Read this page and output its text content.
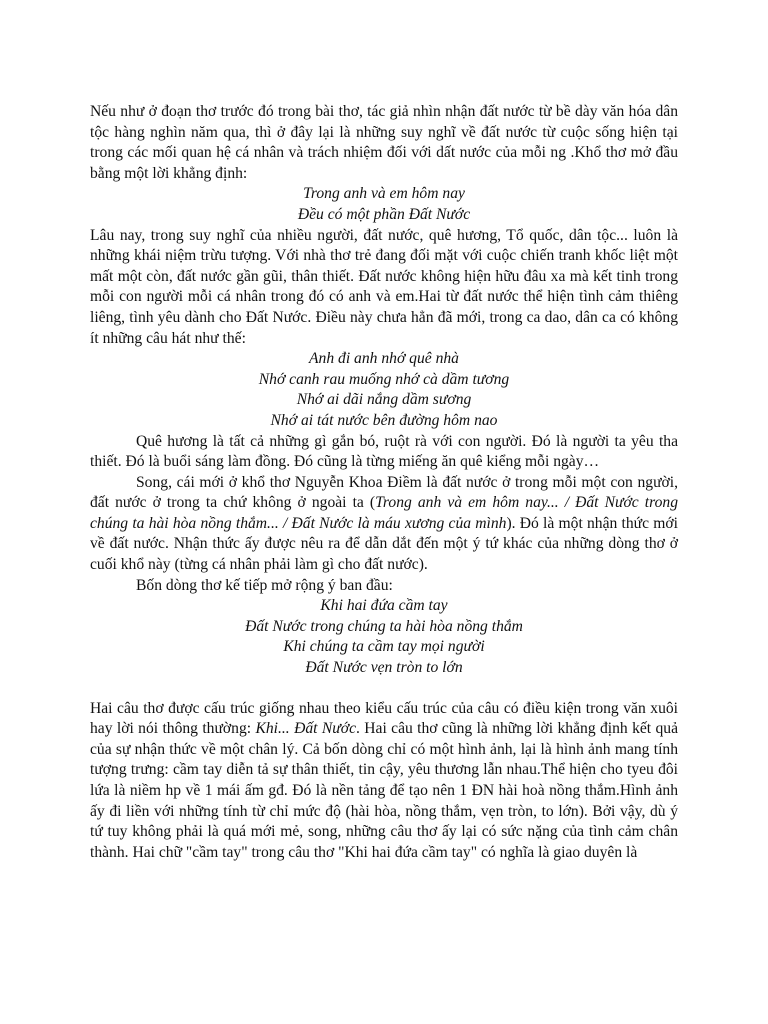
Nếu như ở đoạn thơ trước đó trong bài thơ, tác giả nhìn nhận đất nước từ bề dày văn hóa dân tộc hàng nghìn năm qua, thì ở đây lại là những suy nghĩ về đất nước từ cuộc sống hiện tại trong các mối quan hệ cá nhân và trách nhiệm đối với dất nước của mỗi ng .Khổ thơ mở đầu bằng một lời khẳng định:

Trong anh và em hôm nay

Đều có một phần Đất Nước

Lâu nay, trong suy nghĩ của nhiều người, đất nước, quê hương, Tổ quốc, dân tộc... luôn là những khái niệm trừu tượng. Với nhà thơ trẻ đang đối mặt với cuộc chiến tranh khốc liệt một mất một còn, đất nước gần gũi, thân thiết. Đất nước không hiện hữu đâu xa mà kết tinh trong mỗi con người mỗi cá nhân trong đó có anh và em.Hai từ đất nước thể hiện tình cảm thiêng liêng, tình yêu dành cho Đất Nước. Điều này chưa hẳn đã mới, trong ca dao, dân ca có không ít những câu hát như thế:

Anh đi anh nhớ quê nhà

Nhớ canh rau muống nhớ cà dầm tương

Nhớ ai dãi nắng dầm sương

Nhớ ai tát nước bên đường hôm nao

Quê hương là tất cả những gì gắn bó, ruột rà với con người. Đó là người ta yêu tha thiết. Đó là buổi sáng làm đồng. Đó cũng là từng miếng ăn quê kiểng mỗi ngày…

Song, cái mới ở khổ thơ Nguyễn Khoa Điềm là đất nước ở trong mỗi một con người, đất nước ở trong ta chứ không ở ngoài ta (Trong anh và em hôm nay... / Đất Nước trong chúng ta hài hòa nồng thắm... / Đất Nước là máu xương của mình). Đó là một nhận thức mới về đất nước. Nhận thức ấy được nêu ra để dẫn dắt đến một ý tứ khác của những dòng thơ ở cuối khổ này (từng cá nhân phải làm gì cho đất nước).

Bốn dòng thơ kế tiếp mở rộng ý ban đầu:

Khi hai đứa cầm tay

Đất Nước trong chúng ta hài hòa nồng thắm

Khi chúng ta cầm tay mọi người

Đất Nước vẹn tròn to lớn

Hai câu thơ được cấu trúc giống nhau theo kiểu cấu trúc của câu có điều kiện trong văn xuôi hay lời nói thông thường: Khi... Đất Nước. Hai câu thơ cũng là những lời khẳng định kết quả của sự nhận thức về một chân lý. Cả bốn dòng chỉ có một hình ảnh, lại là hình ảnh mang tính tượng trưng: cầm tay diễn tả sự thân thiết, tin cậy, yêu thương lẫn nhau.Thể hiện cho tyeu đôi lứa là niềm hp về 1 mái ấm gđ. Đó là nền tảng để tạo nên 1 ĐN hài hoà nồng thắm.Hình ảnh ấy đi liền với những tính từ chỉ mức độ (hài hòa, nồng thắm, vẹn tròn, to lớn). Bởi vậy, dù ý tứ tuy không phải là quá mới mẻ, song, những câu thơ ấy lại có sức nặng của tình cảm chân thành. Hai chữ "cầm tay" trong câu thơ "Khi hai đứa cầm tay" có nghĩa là giao duyên là
